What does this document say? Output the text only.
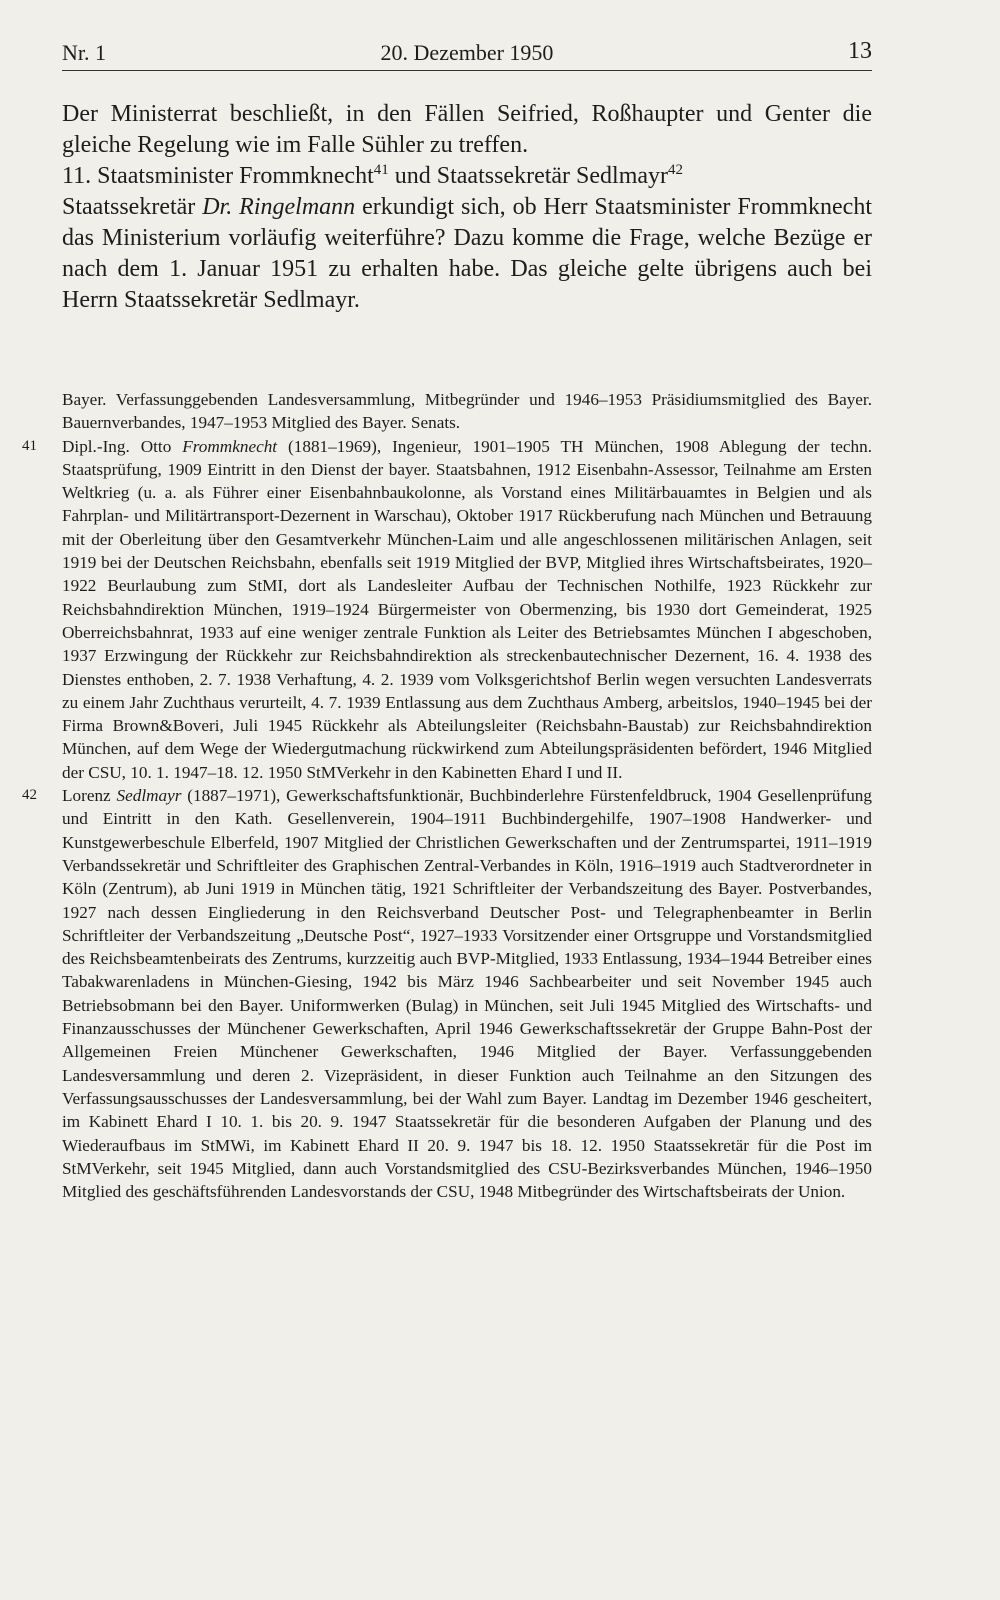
Nr. 1	20. Dezember 1950	13

Der Ministerrat beschließt, in den Fällen Seifried, Roßhaupter und Genter die gleiche Regelung wie im Falle Sühler zu treffen.

11. Staatsminister Frommknecht$^{41}$ und Staatssekretär Sedlmayr$^{42}$

Staatssekretär Dr. Ringelmann erkundigt sich, ob Herr Staatsminister Frommknecht das Ministerium vorläufig weiterführe? Dazu komme die Frage, welche Bezüge er nach dem 1. Januar 1951 zu erhalten habe. Das gleiche gelte übrigens auch bei Herrn Staatssekretär Sedlmayr.

Bayer. Verfassunggebenden Landesversammlung, Mitbegründer und 1946–1953 Präsidiumsmitglied des Bayer. Bauernverbandes, 1947–1953 Mitglied des Bayer. Senats.

41 Dipl.-Ing. Otto Frommknecht (1881–1969), Ingenieur, 1901–1905 TH München, 1908 Ablegung der techn. Staatsprüfung, 1909 Eintritt in den Dienst der bayer. Staatsbahnen, 1912 Eisenbahn-Assessor, Teilnahme am Ersten Weltkrieg (u. a. als Führer einer Eisenbahnbaukolonne, als Vorstand eines Militärbauamtes in Belgien und als Fahrplan- und Militärtransport-Dezernent in Warschau), Oktober 1917 Rückberufung nach München und Betrauung mit der Oberleitung über den Gesamtverkehr München-Laim und alle angeschlossenen militärischen Anlagen, seit 1919 bei der Deutschen Reichsbahn, ebenfalls seit 1919 Mitglied der BVP, Mitglied ihres Wirtschaftsbeirates, 1920–1922 Beurlaubung zum StMI, dort als Landesleiter Aufbau der Technischen Nothilfe, 1923 Rückkehr zur Reichsbahndirektion München, 1919–1924 Bürgermeister von Obermenzing, bis 1930 dort Gemeinderat, 1925 Oberreichsbahnrat, 1933 auf eine weniger zentrale Funktion als Leiter des Betriebsamtes München I abgeschoben, 1937 Erzwingung der Rückkehr zur Reichsbahndirektion als streckenbautechnischer Dezernent, 16. 4. 1938 des Dienstes enthoben, 2. 7. 1938 Verhaftung, 4. 2. 1939 vom Volksgerichtshof Berlin wegen versuchten Landesverrats zu einem Jahr Zuchthaus verurteilt, 4. 7. 1939 Entlassung aus dem Zuchthaus Amberg, arbeitslos, 1940–1945 bei der Firma Brown&Boveri, Juli 1945 Rückkehr als Abteilungsleiter (Reichsbahn-Baustab) zur Reichsbahndirektion München, auf dem Wege der Wiedergutmachung rückwirkend zum Abteilungspräsidenten befördert, 1946 Mitglied der CSU, 10. 1. 1947–18. 12. 1950 StMVerkehr in den Kabinetten Ehard I und II.

42 Lorenz Sedlmayr (1887–1971), Gewerkschaftsfunktionär, Buchbinderlehre Fürstenfeldbruck, 1904 Gesellenprüfung und Eintritt in den Kath. Gesellenverein, 1904–1911 Buchbindergehilfe, 1907–1908 Handwerker- und Kunstgewerbeschule Elberfeld, 1907 Mitglied der Christlichen Gewerkschaften und der Zentrumspartei, 1911–1919 Verbandssekretär und Schriftleiter des Graphischen Zentral-Verbandes in Köln, 1916–1919 auch Stadtverordneter in Köln (Zentrum), ab Juni 1919 in München tätig, 1921 Schriftleiter der Verbandszeitung des Bayer. Postverbandes, 1927 nach dessen Eingliederung in den Reichsverband Deutscher Post- und Telegraphenbeamter in Berlin Schriftleiter der Verbandszeitung „Deutsche Post“, 1927–1933 Vorsitzender einer Ortsgruppe und Vorstandsmitglied des Reichsbeamtenbeirats des Zentrums, kurzzeitig auch BVP-Mitglied, 1933 Entlassung, 1934–1944 Betreiber eines Tabakwarenladens in München-Giesing, 1942 bis März 1946 Sachbearbeiter und seit November 1945 auch Betriebsobmann bei den Bayer. Uniformwerken (Bulag) in München, seit Juli 1945 Mitglied des Wirtschafts- und Finanzausschusses der Münchener Gewerkschaften, April 1946 Gewerkschaftssekretär der Gruppe Bahn-Post der Allgemeinen Freien Münchener Gewerkschaften, 1946 Mitglied der Bayer. Verfassunggebenden Landesversammlung und deren 2. Vizepräsident, in dieser Funktion auch Teilnahme an den Sitzungen des Verfassungsausschusses der Landesversammlung, bei der Wahl zum Bayer. Landtag im Dezember 1946 gescheitert, im Kabinett Ehard I 10. 1. bis 20. 9. 1947 Staatssekretär für die besonderen Aufgaben der Planung und des Wiederaufbaus im StMWi, im Kabinett Ehard II 20. 9. 1947 bis 18. 12. 1950 Staatssekretär für die Post im StMVerkehr, seit 1945 Mitglied, dann auch Vorstandsmitglied des CSU-Bezirksverbandes München, 1946–1950 Mitglied des geschäftsführenden Landesvorstands der CSU, 1948 Mitbegründer des Wirtschaftsbeirats der Union.
